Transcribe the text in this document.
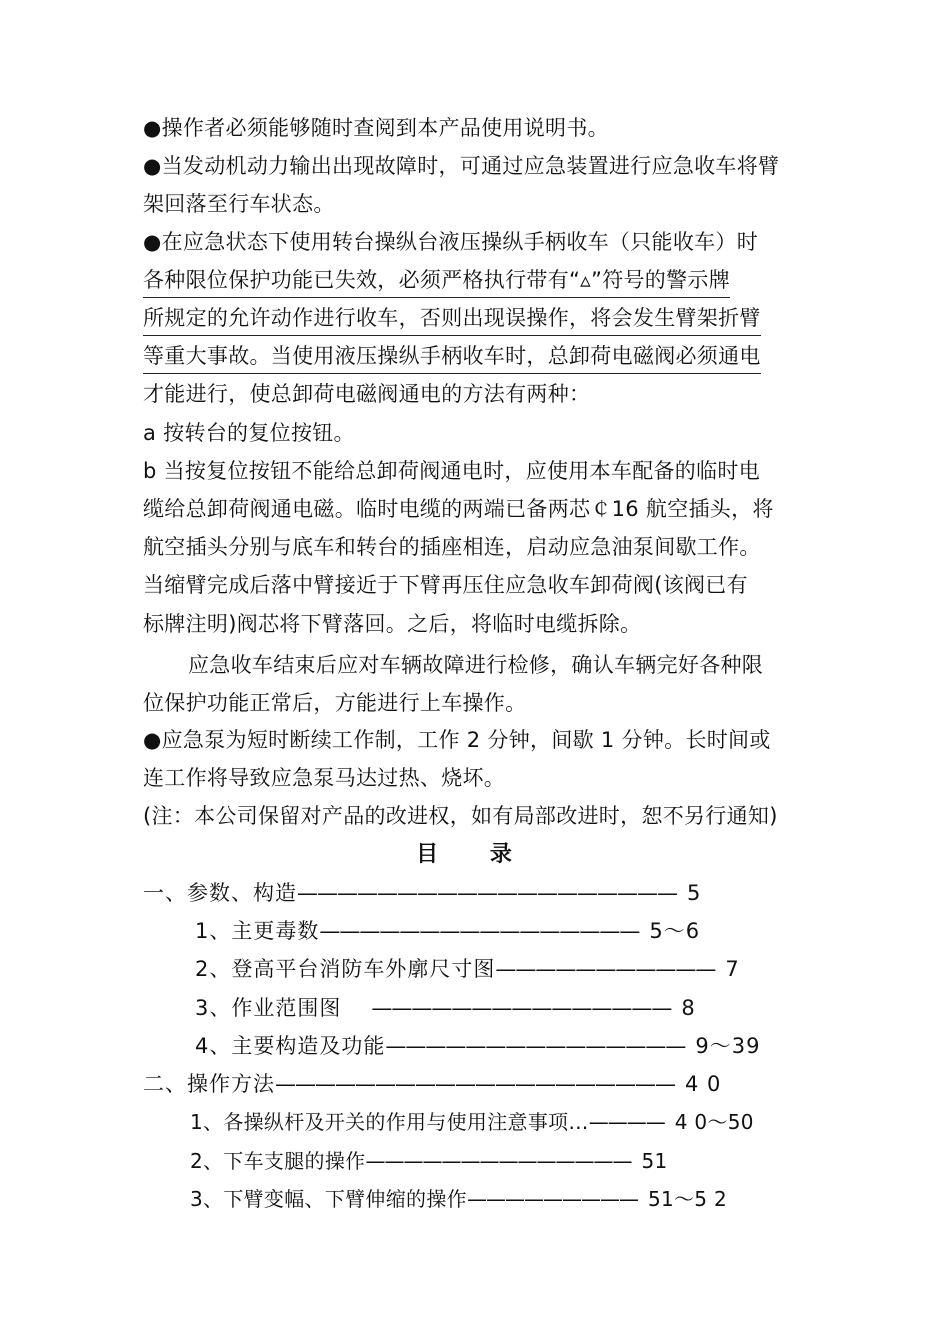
●操作者必须能够随时查阅到本产品使用说明书。
●当发动机动力输出出现故障时，可通过应急装置进行应急收车将臂
架回落至行车状态。
●在应急状态下使用转台操纵台液压操纵手柄收车（只能收车）时
各种限位保护功能已失效，必须严格执行带有“▵”符号的警示牌
所规定的允许动作进行收车，否则出现误操作，将会发生臂架折臂
等重大事故。当使用液压操纵手柄收车时，总卸荷电磁阀必须通电
才能进行，使总卸荷电磁阀通电的方法有两种：
a 按转台的复位按钮。
b 当按复位按钮不能给总卸荷阀通电时，应使用本车配备的临时电
缆给总卸荷阀通电磁。临时电缆的两端已备两芯￠16 航空插头，将
航空插头分别与底车和转台的插座相连，启动应急油泵间歇工作。
当缩臂完成后落中臂接近于下臂再压住应急收车卸荷阀(该阀已有
标牌注明)阀芯将下臂落回。之后，将临时电缆拆除。
应急收车结束后应对车辆故障进行检修，确认车辆完好各种限
位保护功能正常后，方能进行上车操作。
●应急泵为短时断续工作制，工作 2 分钟，间歇 1 分钟。长时间或
连工作将导致应急泵马达过热、烧坏。
(注：本公司保留对产品的改进权，如有局部改进时，恕不另行通知)
目 录
一、参数、构造——————————————————— 5
1、主更毒数———————————————— 5～6
2、登高平台消防车外廓尺寸图——————————— 7
3、作业范围图 ——————————————— 8
4、主要构造及功能——————————————— 9～39
二、操作方法———————————————————— 4 0
1、各操纵杆及开关的作用与使用注意事项…———— 4 0～50
2、下车支腿的操作—————————————— 51
3、下臂变幅、下臂伸缩的操作————————— 51～5 2
